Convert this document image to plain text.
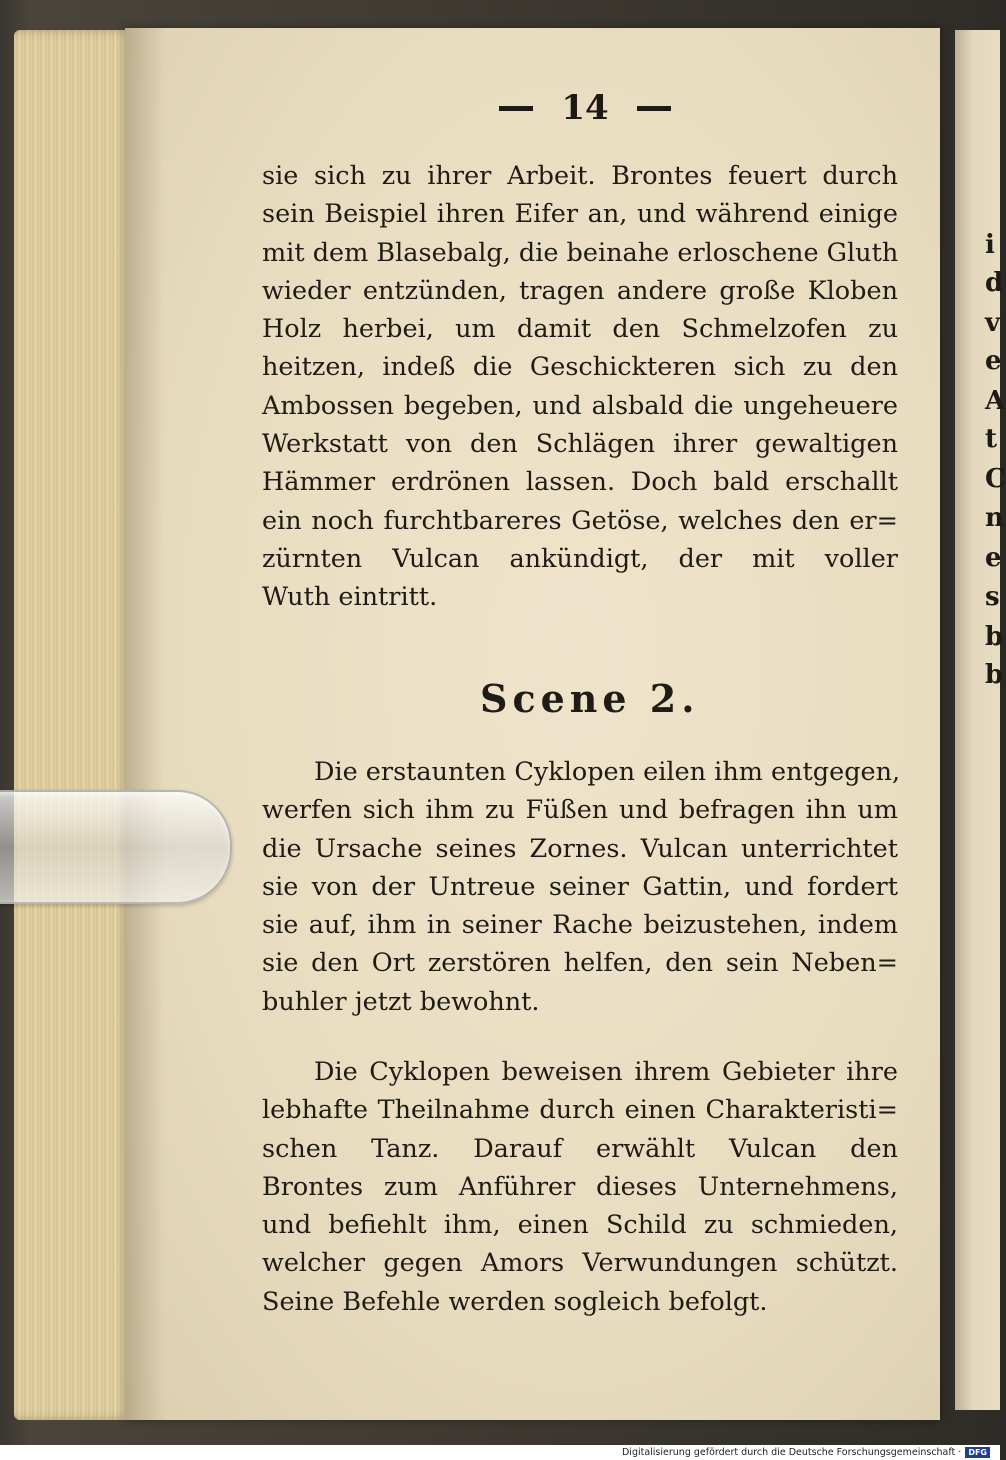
i
d
v
e
A
t
C
n
e
s
b
b
14
sie sich zu ihrer Arbeit. Brontes feuert durch
sein Beispiel ihren Eifer an, und während einige
mit dem Blasebalg, die beinahe erloschene Gluth
wieder entzünden, tragen andere große Kloben
Holz herbei, um damit den Schmelzofen zu
heitzen, indeß die Geschickteren sich zu den
Ambossen begeben, und alsbald die ungeheuere
Werkstatt von den Schlägen ihrer gewaltigen
Hämmer erdrönen lassen. Doch bald erschallt
ein noch furchtbareres Getöse, welches den er=
zürnten Vulcan ankündigt, der mit voller
Wuth eintritt.
Scene 2.
Die erstaunten Cyklopen eilen ihm entgegen,
werfen sich ihm zu Füßen und befragen ihn um
die Ursache seines Zornes. Vulcan unterrichtet
sie von der Untreue seiner Gattin, und fordert
sie auf, ihm in seiner Rache beizustehen, indem
sie den Ort zerstören helfen, den sein Neben=
buhler jetzt bewohnt.
Die Cyklopen beweisen ihrem Gebieter ihre
lebhafte Theilnahme durch einen Charakteristi=
schen Tanz. Darauf erwählt Vulcan den
Brontes zum Anführer dieses Unternehmens,
und befiehlt ihm, einen Schild zu schmieden,
welcher gegen Amors Verwundungen schützt.
Seine Befehle werden sogleich befolgt.
Digitalisierung gefördert durch die Deutsche Forschungsgemeinschaft · DFG
